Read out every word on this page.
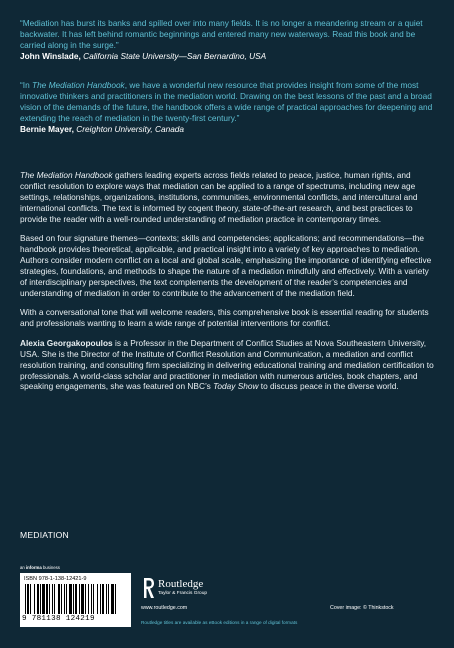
“Mediation has burst its banks and spilled over into many fields. It is no longer a meandering stream or a quiet backwater. It has left behind romantic beginnings and entered many new waterways. Read this book and be carried along in the surge.”
John Winslade, California State University—San Bernardino, USA
“In The Mediation Handbook, we have a wonderful new resource that provides insight from some of the most innovative thinkers and practitioners in the mediation world. Drawing on the best lessons of the past and a broad vision of the demands of the future, the handbook offers a wide range of practical approaches for deepening and extending the reach of mediation in the twenty-first century.”
Bernie Mayer, Creighton University, Canada

The Mediation Handbook gathers leading experts across fields related to peace, justice, human rights, and conflict resolution to explore ways that mediation can be applied to a range of spectrums, including new age settings, relationships, organizations, institutions, communities, environmental conflicts, and intercultural and international conflicts. The text is informed by cogent theory, state-of-the-art research, and best practices to provide the reader with a well-rounded understanding of mediation practice in contemporary times.

Based on four signature themes—contexts; skills and competencies; applications; and recommendations—the handbook provides theoretical, applicable, and practical insight into a variety of key approaches to mediation. Authors consider modern conflict on a local and global scale, emphasizing the importance of identifying effective strategies, foundations, and methods to shape the nature of a mediation mindfully and effectively. With a variety of interdisciplinary perspectives, the text complements the development of the reader’s competencies and understanding of mediation in order to contribute to the advancement of the mediation field.

With a conversational tone that will welcome readers, this comprehensive book is essential reading for students and professionals wanting to learn a wide range of potential interventions for conflict.

Alexia Georgakopoulos is a Professor in the Department of Conflict Studies at Nova Southeastern University, USA. She is the Director of the Institute of Conflict Resolution and Communication, a mediation and conflict resolution training, and consulting firm specializing in delivering educational training and mediation certification to professionals. A world-class scholar and practitioner in mediation with numerous articles, book chapters, and speaking engagements, she was featured on NBC’s Today Show to discuss peace in the diverse world.

MEDIATION
an informa business
ISBN 978-1-138-12421-9
9 781138 124219
Routledge
Taylor & Francis Group
www.routledge.com	Cover image: © Thinkstock
Routledge titles are available as eBook editions in a range of digital formats
